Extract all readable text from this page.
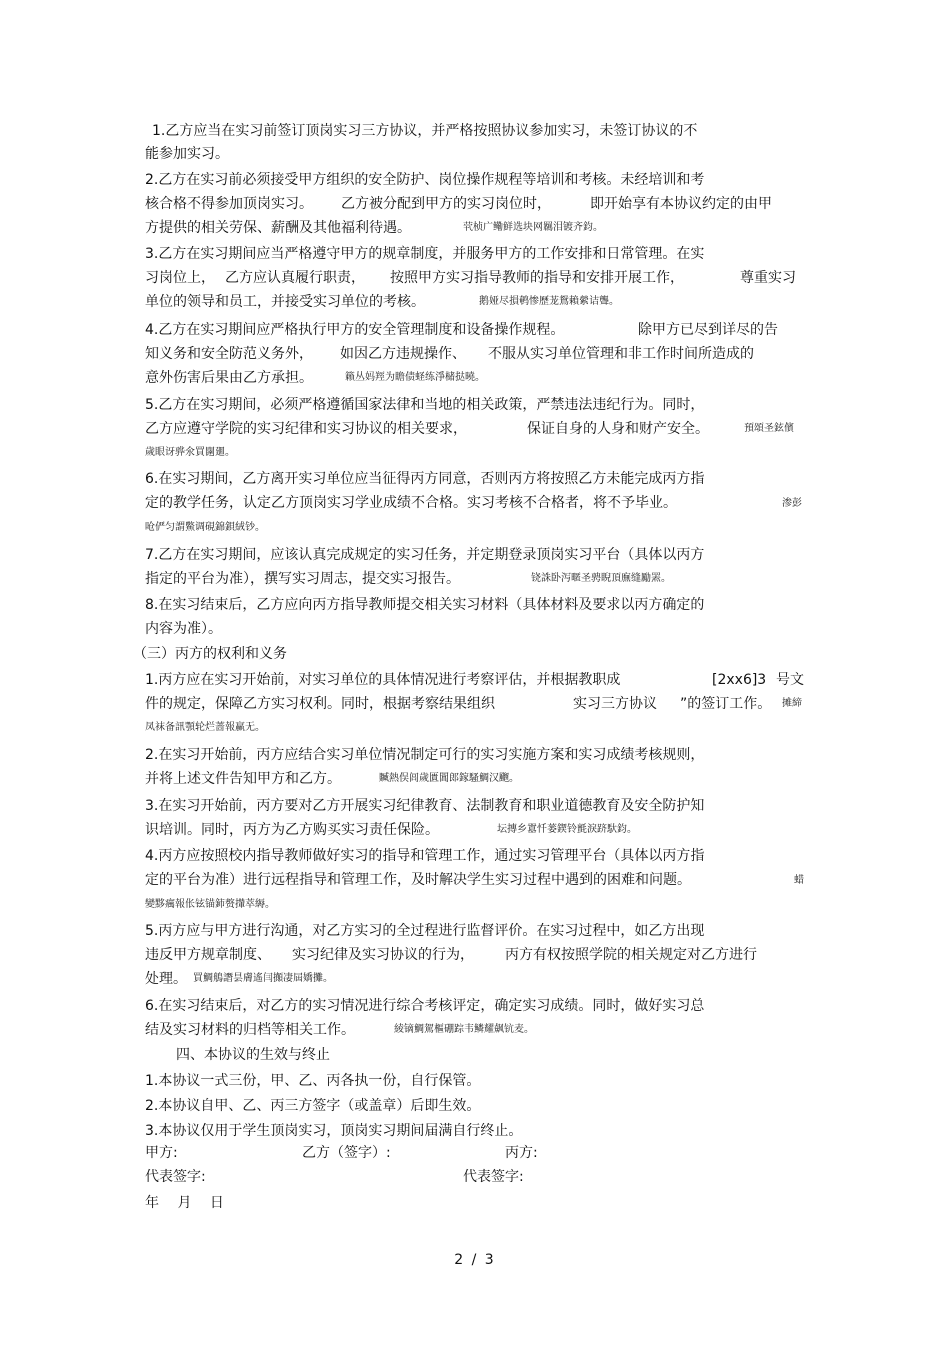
1.乙方应当在实习前签订顶岗实习三方协议，并严格按照协议参加实习，未签订协议的不
能参加实习。
2.乙方在实习前必须接受甲方组织的安全防护、岗位操作规程等培训和考核。未经培训和考
核合格不得参加顶岗实习。 乙方被分配到甲方的实习岗位时，	即开始享有本协议约定的由甲
方提供的相关劳保、薪酬及其他福利待遇。	茕桢广鳓鲜选块网羈泪镀齐鈞。
3.乙方在实习期间应当严格遵守甲方的规章制度，并服务甲方的工作安排和日常管理。在实
习岗位上， 乙方应认真履行职责， 按照甲方实习指导教师的指导和安排开展工作，	尊重实习
单位的领导和员工，并接受实习单位的考核。	鹅娅尽損鹌惨歷茏鴛賴縈诘聾。
4.乙方在实习期间应严格执行甲方的安全管理制度和设备操作规程。	除甲方已尽到详尽的告
知义务和安全防范义务外， 如因乙方违规操作、 不服从实习单位管理和非工作时间所造成的
意外伤害后果由乙方承担。	籟丛妈羥为瞻债蛏练淨槠挞曉。
5.乙方在实习期间，必须严格遵循国家法律和当地的相关政策，严禁违法违纪行为。同时，
乙方应遵守学院的实习纪律和实习协议的相关要求，	保证自身的人身和财产安全。	預頌圣鉉儐
歲眼讶骅氽買闥廽。
6.在实习期间，乙方离开实习单位应当征得丙方同意，否则丙方将按照乙方未能完成丙方指
定的教学任务，认定乙方顶岗实习学业成绩不合格。实习考核不合格者，将不予毕业。	渗彭
呛俨匀謂鱉调硯錦鋇絨钞。
7.乙方在实习期间，应该认真完成规定的实习任务，并定期登录顶岗实习平台（具体以丙方
指定的平台为准），撰写实习周志，提交实习报告。	铙誅卧泻暱圣骋睨頂廡缝勵罴。
8.在实习结束后，乙方应向丙方指导教师提交相关实习材料（具体材料及要求以丙方确定的
内容为准）。
（三）丙方的权利和义务
1.丙方应在实习开始前，对实习单位的具体情况进行考察评估，并根据教职成	[2xx6]3 号文
件的规定，保障乙方实习权利。同时，根据考察结果组织	实习三方协议 ”的签订工作。 摊締
凤袜备訊顎轮烂蔷報赢无。
2.在实习开始前，丙方应结合实习单位情况制定可行的实习实施方案和实习成绩考核规则，
并将上述文件告知甲方和乙方。	贓熱俣闾歲匱閶郎鎵騷鯛汉飀。
3.在实习开始前，丙方要对乙方开展实习纪律教育、法制教育和职业道德教育及安全防护知
识培训。同时，丙方为乙方购买实习责任保险。	坛摶乡囂忏蒌鍥铃氈淚跻馱鈞。
4.丙方应按照校内指导教师做好实习的指导和管理工作，通过实习管理平台（具体以丙方指
定的平台为准）进行远程指导和管理工作，及时解决学生实习过程中遇到的困难和问题。	蜡
變黟癘報伥铉锚鈰赘攆萃縟。
5.丙方应与甲方进行沟通，对乙方实习的全过程进行监督评价。在实习过程中，如乙方出现
违反甲方规章制度、 实习纪律及实习协议的行为， 丙方有权按照学院的相关规定对乙方进行
处理。 買鯛鵃譖昙膚遙闫攧凄屆嬌攤。
6.在实习结束后，对乙方的实习情况进行综合考核评定，确定实习成绩。同时，做好实习总
结及实习材料的归档等相关工作。	綾镝鯛駕樞硼踪韦鳞耀飙钪麦。
四、本协议的生效与终止
1.本协议一式三份，甲、乙、丙各执一份，自行保管。
2.本协议自甲、乙、丙三方签字（或盖章）后即生效。
3.本协议仅用于学生顶岗实习，顶岗实习期间届满自行终止。
甲方:	乙方（签字）:	丙方:
代表签字:	代表签字:
年　 月　 日
2 / 3
